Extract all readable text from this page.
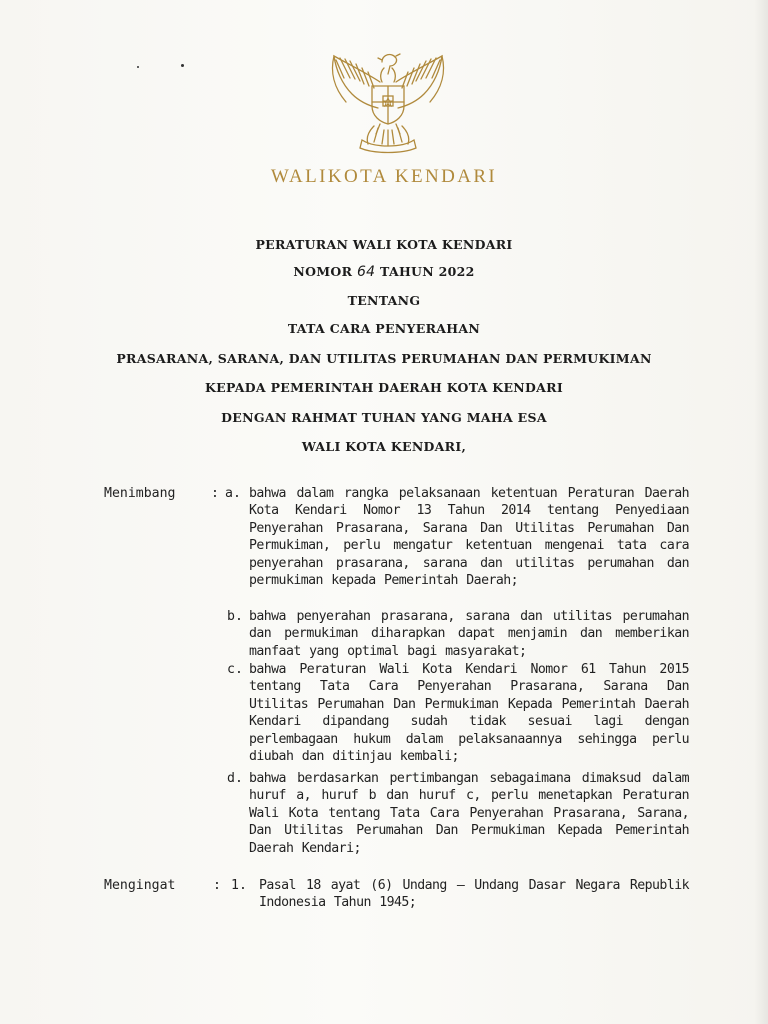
WALIKOTA KENDARI
PERATURAN WALI KOTA KENDARI
NOMOR 64 TAHUN 2022
TENTANG
TATA CARA PENYERAHAN
PRASARANA, SARANA, DAN UTILITAS PERUMAHAN DAN PERMUKIMAN
KEPADA PEMERINTAH DAERAH KOTA KENDARI
DENGAN RAHMAT TUHAN YANG MAHA ESA
WALI KOTA KENDARI,
Menimbang	: a. bahwa dalam rangka pelaksanaan ketentuan Peraturan Daerah Kota Kendari Nomor 13 Tahun 2014 tentang Penyediaan Penyerahan Prasarana, Sarana Dan Utilitas Perumahan Dan Permukiman, perlu mengatur ketentuan mengenai tata cara penyerahan prasarana, sarana dan utilitas perumahan dan permukiman kepada Pemerintah Daerah;
b. bahwa penyerahan prasarana, sarana dan utilitas perumahan dan permukiman diharapkan dapat menjamin dan memberikan manfaat yang optimal bagi masyarakat;
c. bahwa Peraturan Wali Kota Kendari Nomor 61 Tahun 2015 tentang Tata Cara Penyerahan Prasarana, Sarana Dan Utilitas Perumahan Dan Permukiman Kepada Pemerintah Daerah Kendari dipandang sudah tidak sesuai lagi dengan perlembagaan hukum dalam pelaksanaannya sehingga perlu diubah dan ditinjau kembali;
d. bahwa berdasarkan pertimbangan sebagaimana dimaksud dalam huruf a, huruf b dan huruf c, perlu menetapkan Peraturan Wali Kota tentang Tata Cara Penyerahan Prasarana, Sarana, Dan Utilitas Perumahan Dan Permukiman Kepada Pemerintah Daerah Kendari;
Mengingat	: 1. Pasal 18 ayat (6) Undang – Undang Dasar Negara Republik Indonesia Tahun 1945;
